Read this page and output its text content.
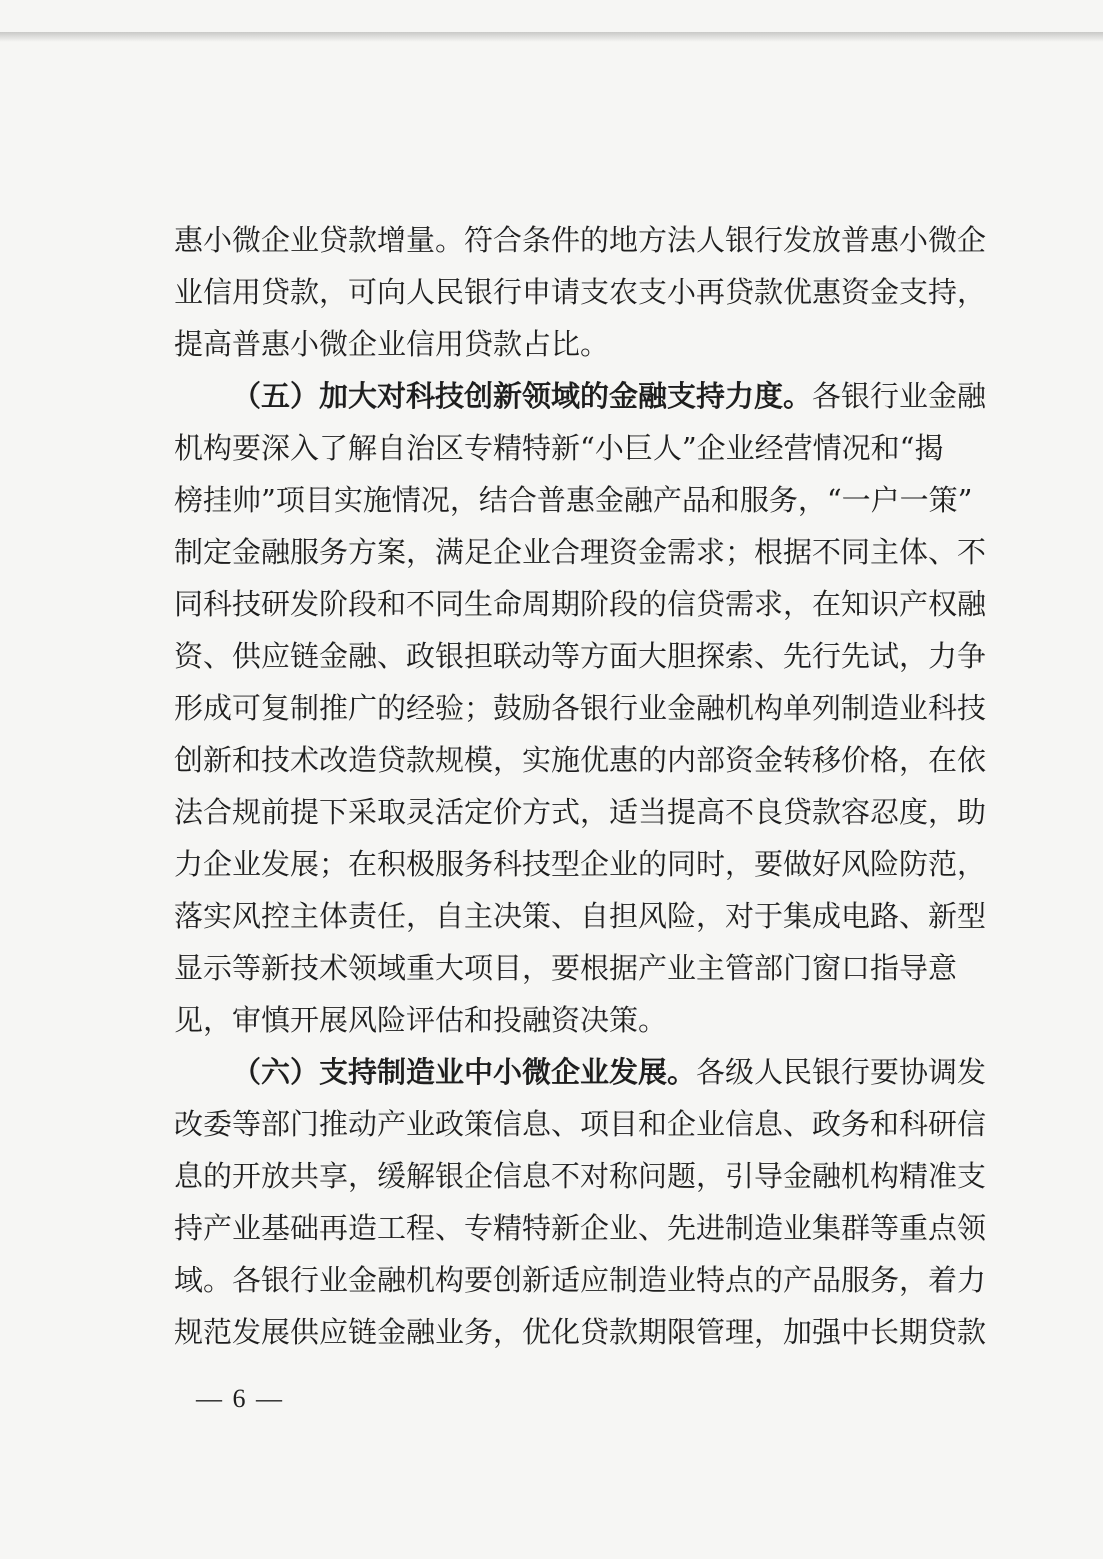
惠小微企业贷款增量。符合条件的地方法人银行发放普惠小微企
业信用贷款，可向人民银行申请支农支小再贷款优惠资金支持，
提高普惠小微企业信用贷款占比。
（五）加大对科技创新领域的金融支持力度。各银行业金融
机构要深入了解自治区专精特新“小巨人”企业经营情况和“揭
榜挂帅”项目实施情况，结合普惠金融产品和服务，“一户一策”
制定金融服务方案，满足企业合理资金需求；根据不同主体、不
同科技研发阶段和不同生命周期阶段的信贷需求，在知识产权融
资、供应链金融、政银担联动等方面大胆探索、先行先试，力争
形成可复制推广的经验；鼓励各银行业金融机构单列制造业科技
创新和技术改造贷款规模，实施优惠的内部资金转移价格，在依
法合规前提下采取灵活定价方式，适当提高不良贷款容忍度，助
力企业发展；在积极服务科技型企业的同时，要做好风险防范，
落实风控主体责任，自主决策、自担风险，对于集成电路、新型
显示等新技术领域重大项目，要根据产业主管部门窗口指导意
见，审慎开展风险评估和投融资决策。
（六）支持制造业中小微企业发展。各级人民银行要协调发
改委等部门推动产业政策信息、项目和企业信息、政务和科研信
息的开放共享，缓解银企信息不对称问题，引导金融机构精准支
持产业基础再造工程、专精特新企业、先进制造业集群等重点领
域。各银行业金融机构要创新适应制造业特点的产品服务，着力
规范发展供应链金融业务，优化贷款期限管理，加强中长期贷款
— 6 —
